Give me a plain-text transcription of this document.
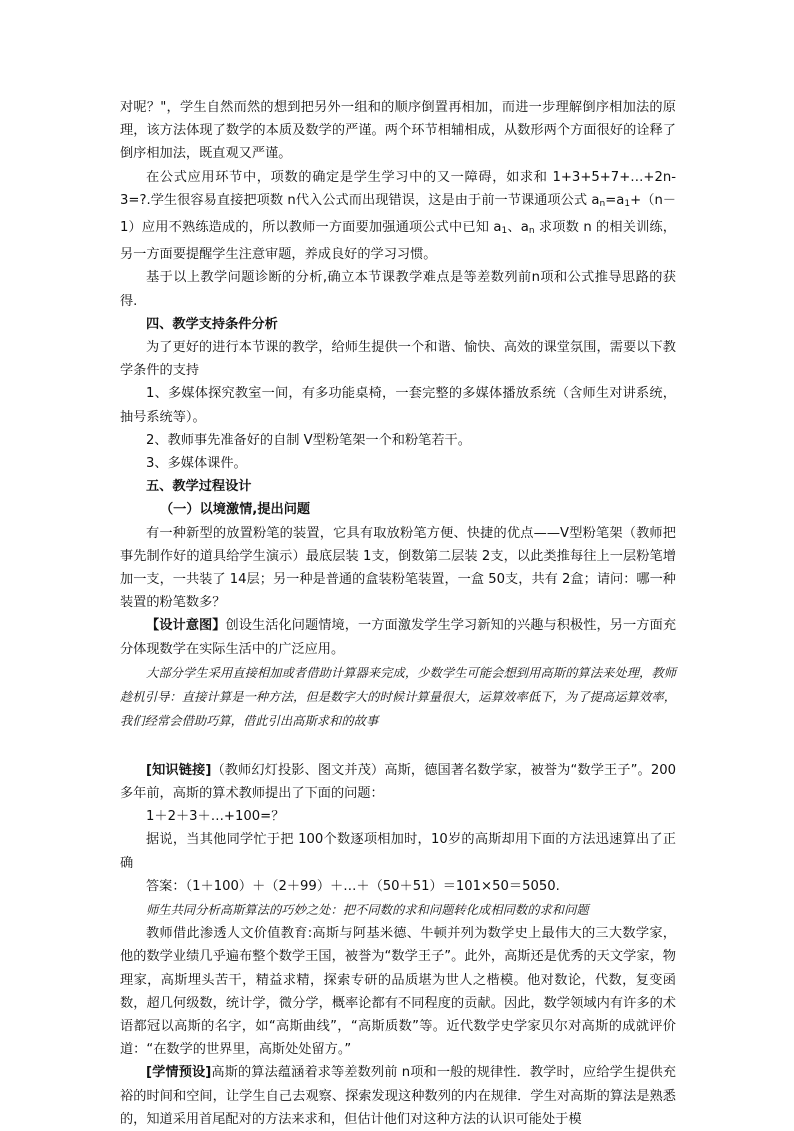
对呢？"，学生自然而然的想到把另外一组和的顺序倒置再相加，而进一步理解倒序相加法的原理，该方法体现了数学的本质及数学的严谨。两个环节相辅相成，从数形两个方面很好的诠释了倒序相加法，既直观又严谨。

在公式应用环节中，项数的确定是学生学习中的又一障碍，如求和 1+3+5+7+…+2n-3=?.学生很容易直接把项数 n代入公式而出现错误，这是由于前一节课通项公式 $a_n=a_1+(n-1)$应用不熟练造成的，所以教师一方面要加强通项公式中已知 $a_1$、$a_n$ 求项数 n 的相关训练，另一方面要提醒学生注意审题，养成良好的学习习惯。

基于以上教学问题诊断的分析,确立本节课教学难点是等差数列前n项和公式推导思路的获得.

四、教学支持条件分析

为了更好的进行本节课的教学，给师生提供一个和谐、愉快、高效的课堂氛围，需要以下教学条件的支持

1、多媒体探究教室一间，有多功能桌椅，一套完整的多媒体播放系统（含师生对讲系统，抽号系统等）。

2、教师事先准备好的自制 V型粉笔架一个和粉笔若干。

3、多媒体课件。

五、教学过程设计

（一）以境激情,提出问题

有一种新型的放置粉笔的装置，它具有取放粉笔方便、快捷的优点——V型粉笔架（教师把事先制作好的道具给学生演示）最底层装 1支，倒数第二层装 2支，以此类推每往上一层粉笔增加一支，一共装了 14层；另一种是普通的盒装粉笔装置，一盒 50支，共有 2盒；请问：哪一种装置的粉笔数多？

【设计意图】创设生活化问题情境，一方面激发学生学习新知的兴趣与积极性，另一方面充分体现数学在实际生活中的广泛应用。

大部分学生采用直接相加或者借助计算器来完成，少数学生可能会想到用高斯的算法来处理，教师趁机引导：直接计算是一种方法，但是数字大的时候计算量很大，运算效率低下，为了提高运算效率，我们经常会借助巧算，借此引出高斯求和的故事

[知识链接]（教师幻灯投影、图文并茂）高斯，德国著名数学家，被誉为“数学王子”。200多年前，高斯的算术教师提出了下面的问题：

1＋2＋3＋…+100=？

据说，当其他同学忙于把 100个数逐项相加时，10岁的高斯却用下面的方法迅速算出了正确

答案：（1＋100）＋（2＋99）＋…＋（50＋51）＝101×50＝5050.

师生共同分析高斯算法的巧妙之处：把不同数的求和问题转化成相同数的求和问题

教师借此渗透人文价值教育:高斯与阿基米德、牛顿并列为数学史上最伟大的三大数学家，他的数学业绩几乎遍布整个数学王国，被誉为“数学王子”。此外，高斯还是优秀的天文学家，物理家，高斯埋头苦干，精益求精，探索专研的品质堪为世人之楷模。他对数论，代数，复变函数，超几何级数，统计学，微分学，概率论都有不同程度的贡献。因此，数学领域内有许多的术语都冠以高斯的名字，如“高斯曲线”，“高斯质数”等。近代数学史学家贝尔对高斯的成就评价道：“在数学的世界里，高斯处处留方。”

[学情预设]高斯的算法蕴涵着求等差数列前 n项和一般的规律性．教学时，应给学生提供充裕的时间和空间，让学生自己去观察、探索发现这种数列的内在规律．学生对高斯的算法是熟悉的，知道采用首尾配对的方法来求和，但估计他们对这种方法的认识可能处于模
